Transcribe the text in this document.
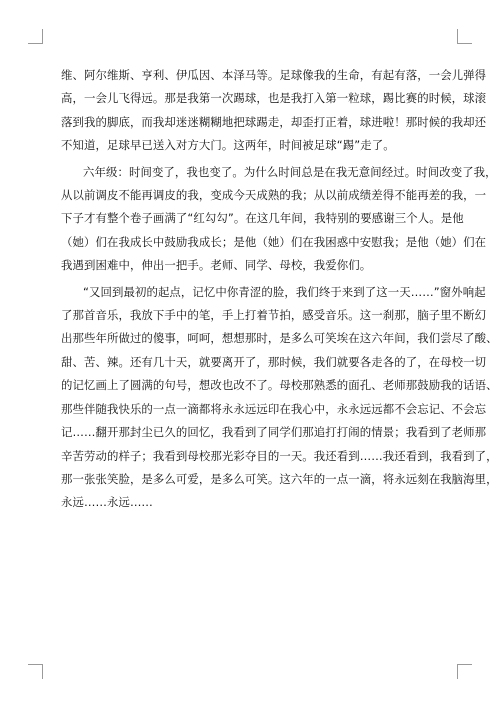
维、阿尔维斯、亨利、伊瓜因、本泽马等。足球像我的生命，有起有落，一会儿弹得

高，一会儿飞得远。那是我第一次踢球，也是我打入第一粒球，踢比赛的时候，球滚

落到我的脚底，而我却迷迷糊糊地把球踢走，却歪打正着，球进啦！那时候的我却还

不知道，足球早已送入对方大门。这两年，时间被足球“踢”走了。

六年级：时间变了，我也变了。为什么时间总是在我无意间经过。时间改变了我，

从以前调皮不能再调皮的我，变成今天成熟的我；从以前成绩差得不能再差的我，一

下子才有整个卷子画满了“红勾勾”。在这几年间，我特别的要感谢三个人。是他

（她）们在我成长中鼓励我成长；是他（她）们在我困惑中安慰我；是他（她）们在

我遇到困难中，伸出一把手。老师、同学、母校，我爱你们。

“又回到最初的起点，记忆中你青涩的脸，我们终于来到了这一天……”窗外响起

了那首音乐，我放下手中的笔，手上打着节拍，感受音乐。这一刹那，脑子里不断幻

出那些年所做过的傻事，呵呵，想想那时，是多么可笑埃在这六年间，我们尝尽了酸、

甜、苦、辣。还有几十天，就要离开了，那时候，我们就要各走各的了，在母校一切

的记忆画上了圆满的句号，想改也改不了。母校那熟悉的面孔、老师那鼓励我的话语、

那些伴随我快乐的一点一滴都将永永远远印在我心中，永永远远都不会忘记、不会忘

记……翻开那封尘已久的回忆，我看到了同学们那追打打闹的情景；我看到了老师那

辛苦劳动的样子；我看到母校那光彩夺目的一天。我还看到……我还看到，我看到了，

那一张张笑脸，是多么可爱，是多么可笑。这六年的一点一滴，将永远刻在我脑海里，

永远……永远……
